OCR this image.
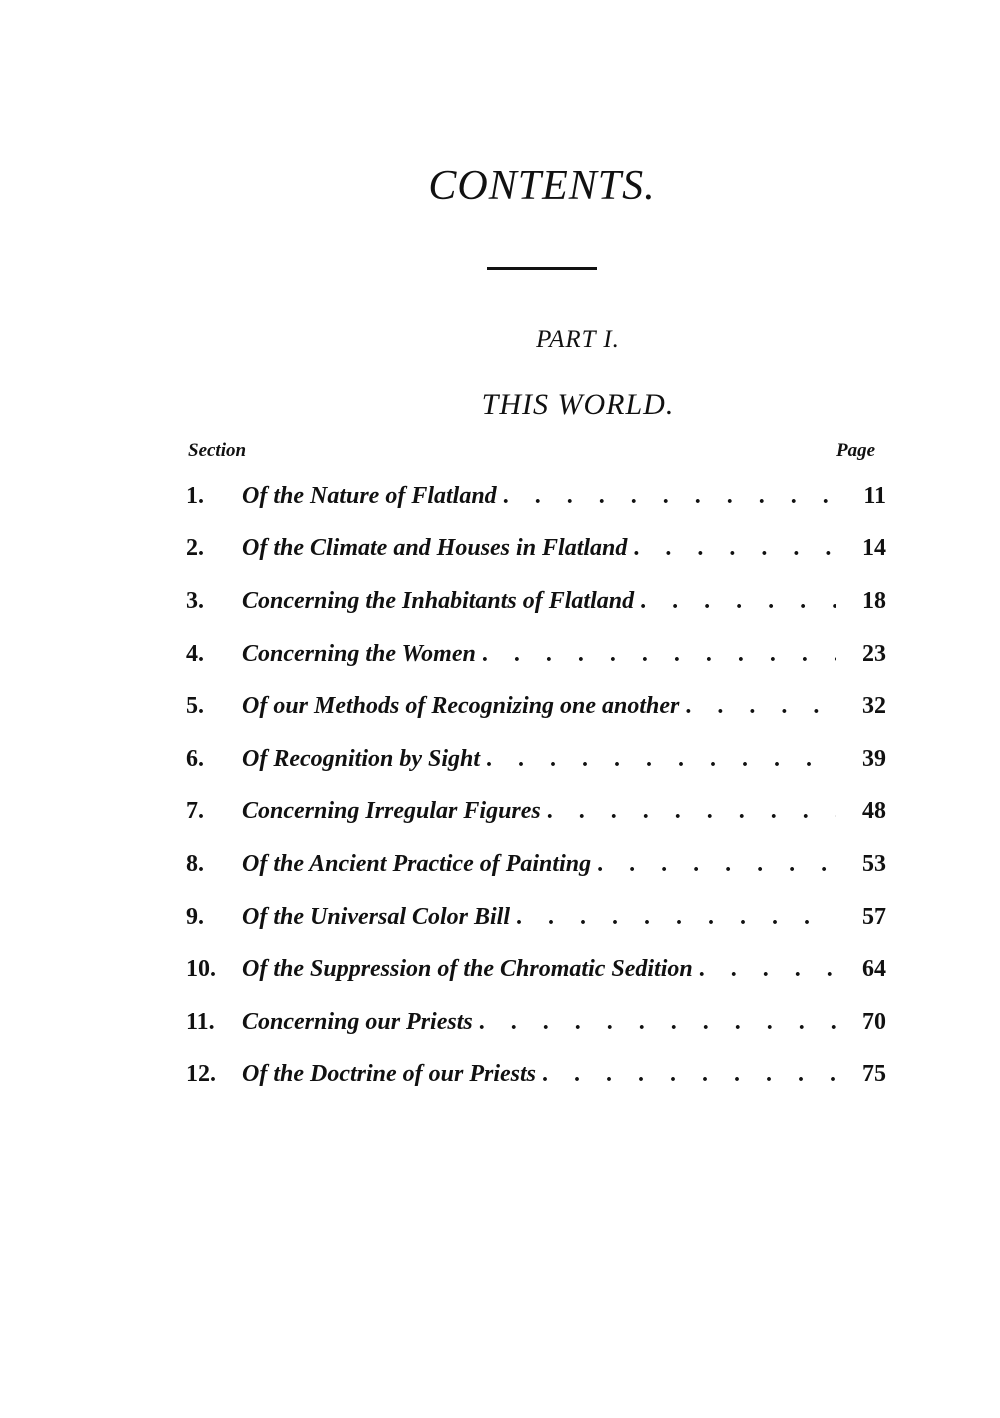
CONTENTS.
PART I.
THIS WORLD.
Section	Page
1.	Of the Nature of Flatland . . .	11
2.	Of the Climate and Houses in Flatland . . .	14
3.	Concerning the Inhabitants of Flatland . . .	18
4.	Concerning the Women . . .	23
5.	Of our Methods of Recognizing one another . . .	32
6.	Of Recognition by Sight . . .	39
7.	Concerning Irregular Figures . . .	48
8.	Of the Ancient Practice of Painting . . .	53
9.	Of the Universal Color Bill . . .	57
10.	Of the Suppression of the Chromatic Sedition . . .	64
11.	Concerning our Priests . . .	70
12.	Of the Doctrine of our Priests . . .	75
